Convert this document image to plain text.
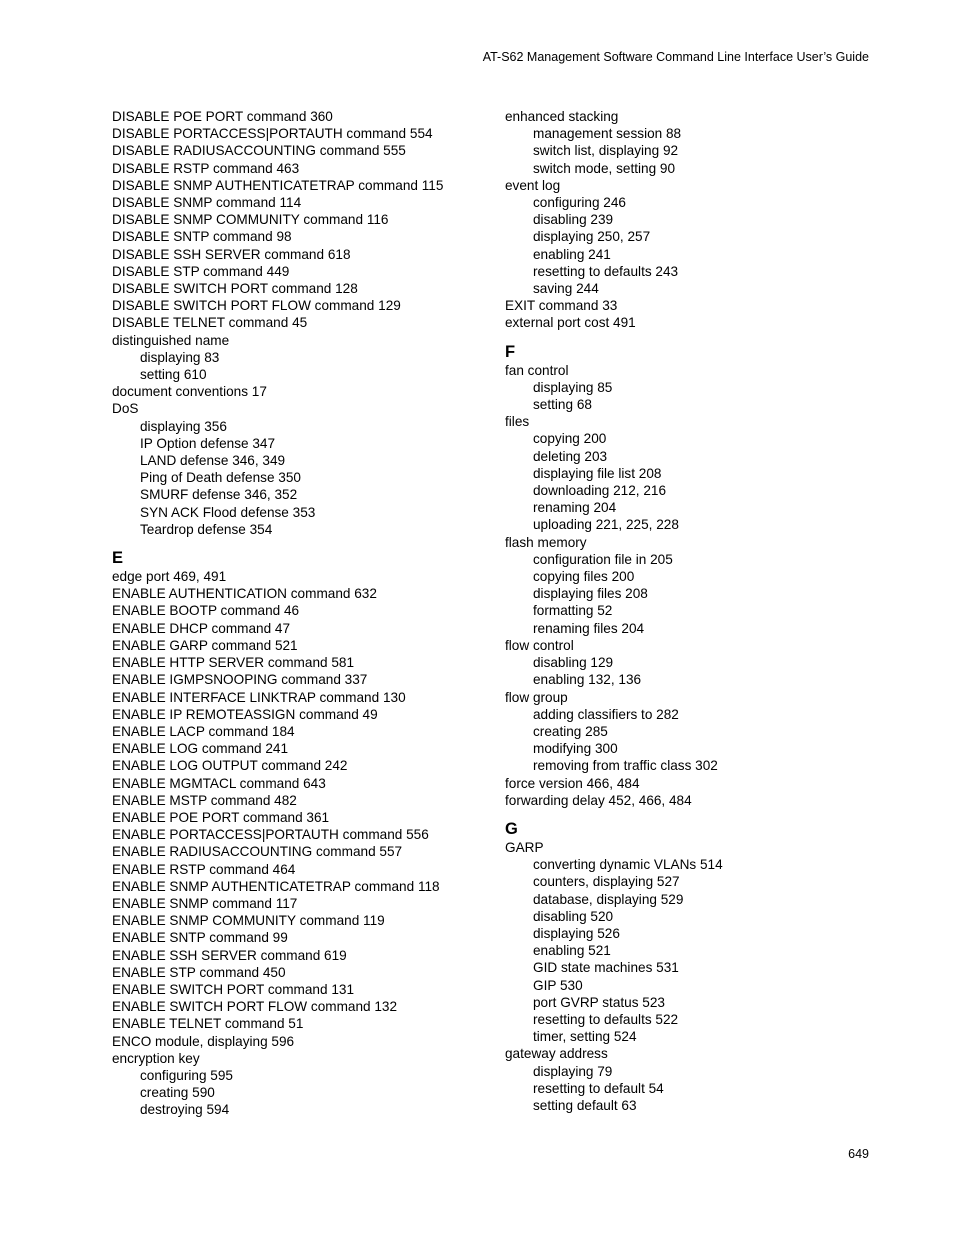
AT-S62 Management Software Command Line Interface User’s Guide
DISABLE POE PORT command 360
DISABLE PORTACCESS|PORTAUTH command 554
DISABLE RADIUSACCOUNTING command 555
DISABLE RSTP command 463
DISABLE SNMP AUTHENTICATETRAP command 115
DISABLE SNMP command 114
DISABLE SNMP COMMUNITY command 116
DISABLE SNTP command 98
DISABLE SSH SERVER command 618
DISABLE STP command 449
DISABLE SWITCH PORT command 128
DISABLE SWITCH PORT FLOW command 129
DISABLE TELNET command 45
distinguished name
displaying 83
setting 610
document conventions 17
DoS
displaying 356
IP Option defense 347
LAND defense 346, 349
Ping of Death defense 350
SMURF defense 346, 352
SYN ACK Flood defense 353
Teardrop defense 354
E
edge port 469, 491
ENABLE AUTHENTICATION command 632
ENABLE BOOTP command 46
ENABLE DHCP command 47
ENABLE GARP command 521
ENABLE HTTP SERVER command 581
ENABLE IGMPSNOOPING command 337
ENABLE INTERFACE LINKTRAP command 130
ENABLE IP REMOTEASSIGN command 49
ENABLE LACP command 184
ENABLE LOG command 241
ENABLE LOG OUTPUT command 242
ENABLE MGMTACL command 643
ENABLE MSTP command 482
ENABLE POE PORT command 361
ENABLE PORTACCESS|PORTAUTH command 556
ENABLE RADIUSACCOUNTING command 557
ENABLE RSTP command 464
ENABLE SNMP AUTHENTICATETRAP command 118
ENABLE SNMP command 117
ENABLE SNMP COMMUNITY command 119
ENABLE SNTP command 99
ENABLE SSH SERVER command 619
ENABLE STP command 450
ENABLE SWITCH PORT command 131
ENABLE SWITCH PORT FLOW command 132
ENABLE TELNET command 51
ENCO module, displaying 596
encryption key
configuring 595
creating 590
destroying 594
enhanced stacking
management session 88
switch list, displaying 92
switch mode, setting 90
event log
configuring 246
disabling 239
displaying 250, 257
enabling 241
resetting to defaults 243
saving 244
EXIT command 33
external port cost 491
F
fan control
displaying 85
setting 68
files
copying 200
deleting 203
displaying file list 208
downloading 212, 216
renaming 204
uploading 221, 225, 228
flash memory
configuration file in 205
copying files 200
displaying files 208
formatting 52
renaming files 204
flow control
disabling 129
enabling 132, 136
flow group
adding classifiers to 282
creating 285
modifying 300
removing from traffic class 302
force version 466, 484
forwarding delay 452, 466, 484
G
GARP
converting dynamic VLANs 514
counters, displaying 527
database, displaying 529
disabling 520
displaying 526
enabling 521
GID state machines 531
GIP 530
port GVRP status 523
resetting to defaults 522
timer, setting 524
gateway address
displaying 79
resetting to default 54
setting default 63
649
